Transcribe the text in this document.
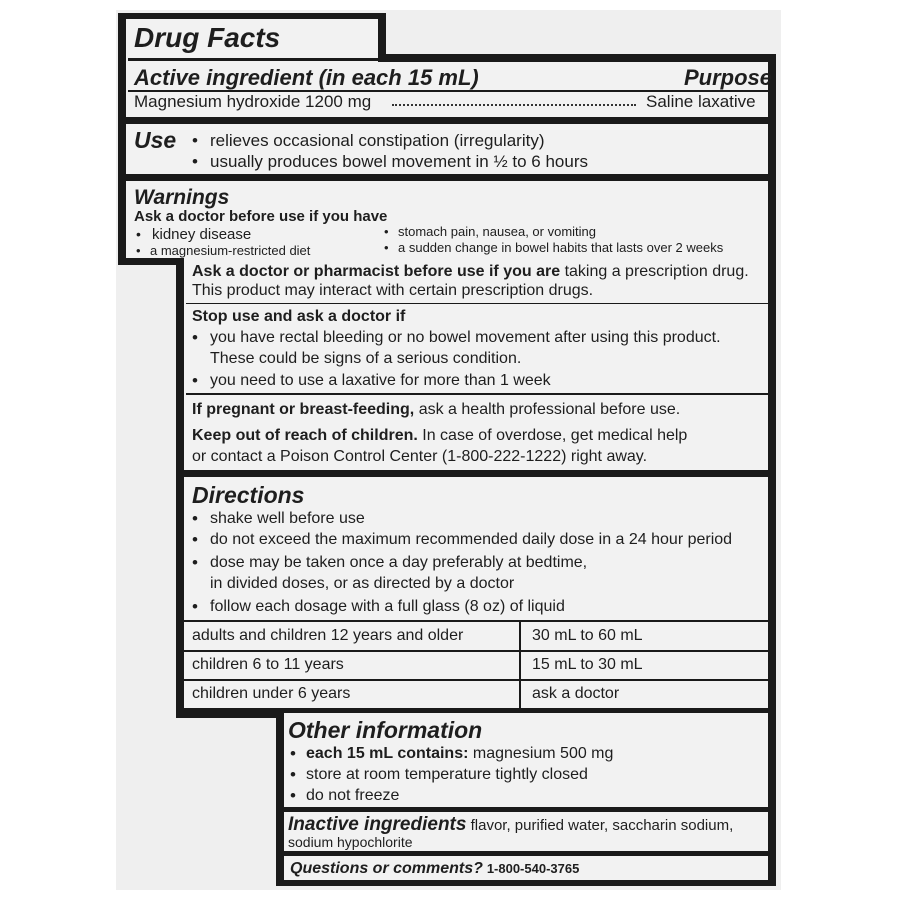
Drug Facts
Active ingredient (in each 15 mL)	Purpose
Magnesium hydroxide 1200 mg	Saline laxative
Use • relieves occasional constipation (irregularity)
• usually produces bowel movement in ½ to 6 hours
Warnings
Ask a doctor before use if you have
• kidney disease
• a magnesium-restricted diet
• stomach pain, nausea, or vomiting
• a sudden change in bowel habits that lasts over 2 weeks
Ask a doctor or pharmacist before use if you are taking a prescription drug.
This product may interact with certain prescription drugs.
Stop use and ask a doctor if
• you have rectal bleeding or no bowel movement after using this product.
These could be signs of a serious condition.
• you need to use a laxative for more than 1 week
If pregnant or breast-feeding, ask a health professional before use.
Keep out of reach of children. In case of overdose, get medical help
or contact a Poison Control Center (1-800-222-1222) right away.
Directions
• shake well before use
• do not exceed the maximum recommended daily dose in a 24 hour period
• dose may be taken once a day preferably at bedtime,
in divided doses, or as directed by a doctor
• follow each dosage with a full glass (8 oz) of liquid
adults and children 12 years and older	30 mL to 60 mL
children 6 to 11 years	15 mL to 30 mL
children under 6 years	ask a doctor
Other information
• each 15 mL contains: magnesium 500 mg
• store at room temperature tightly closed
• do not freeze
Inactive ingredients flavor, purified water, saccharin sodium,
sodium hypochlorite
Questions or comments? 1-800-540-3765
